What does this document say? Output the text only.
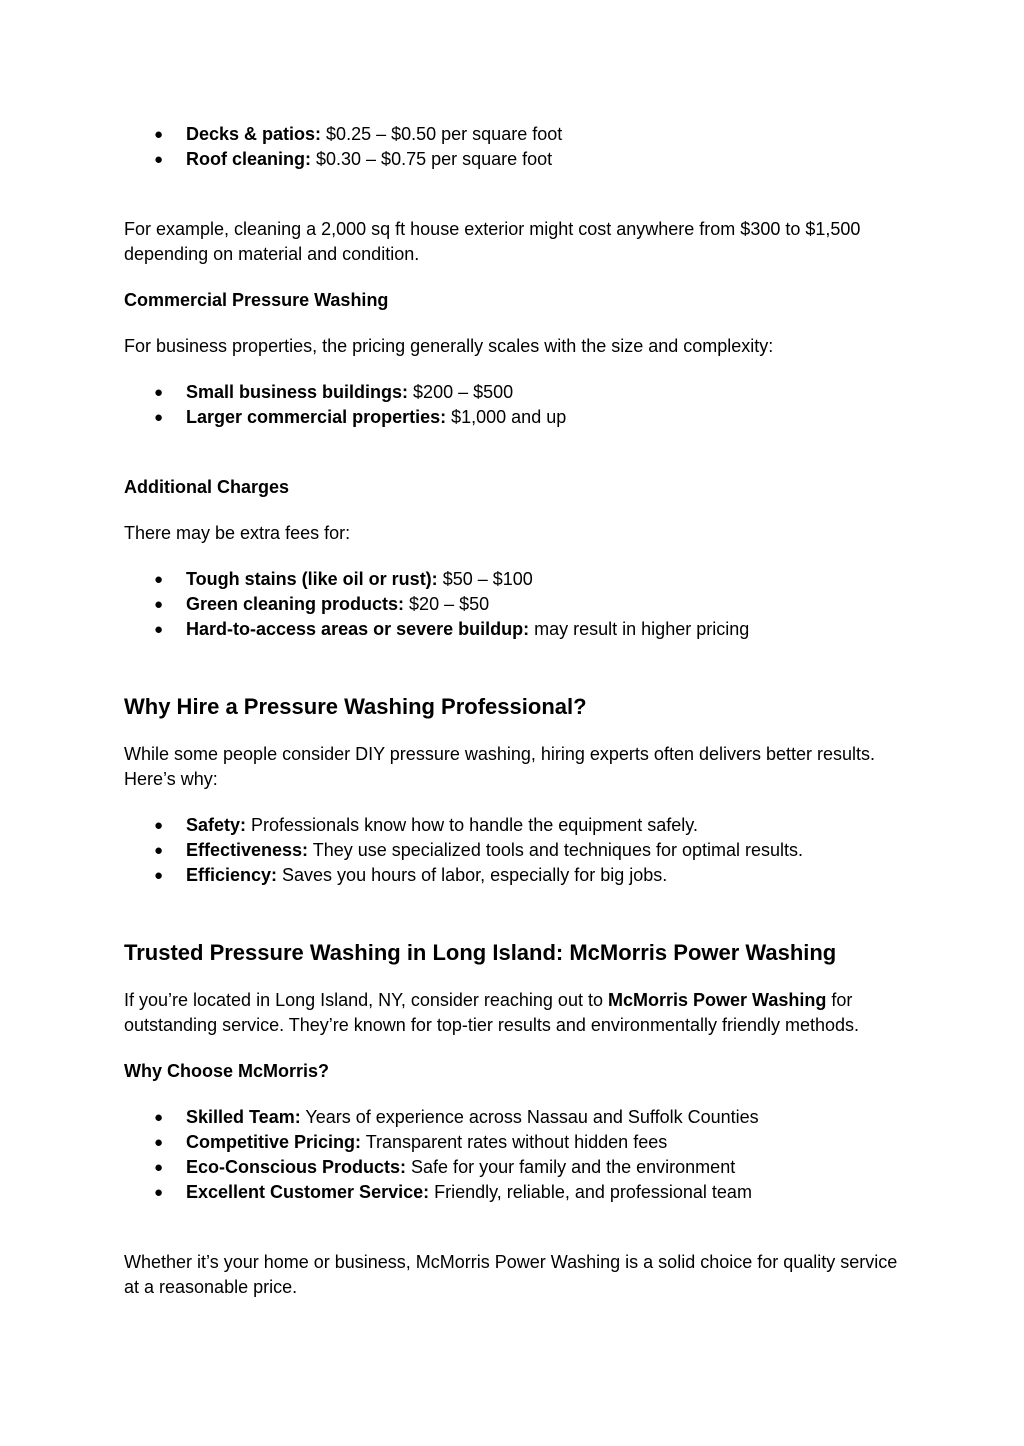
● Decks & patios: $0.25 – $0.50 per square foot
● Roof cleaning: $0.30 – $0.75 per square foot

For example, cleaning a 2,000 sq ft house exterior might cost anywhere from $300 to $1,500 depending on material and condition.

Commercial Pressure Washing

For business properties, the pricing generally scales with the size and complexity:

● Small business buildings: $200 – $500
● Larger commercial properties: $1,000 and up
Additional Charges

There may be extra fees for:

● Tough stains (like oil or rust): $50 – $100
● Green cleaning products: $20 – $50
● Hard-to-access areas or severe buildup: may result in higher pricing
Why Hire a Pressure Washing Professional?

While some people consider DIY pressure washing, hiring experts often delivers better results. Here’s why:

● Safety: Professionals know how to handle the equipment safely.
● Effectiveness: They use specialized tools and techniques for optimal results.
● Efficiency: Saves you hours of labor, especially for big jobs.
Trusted Pressure Washing in Long Island: McMorris Power Washing

If you’re located in Long Island, NY, consider reaching out to McMorris Power Washing for outstanding service. They’re known for top-tier results and environmentally friendly methods.

Why Choose McMorris?
● Skilled Team: Years of experience across Nassau and Suffolk Counties
● Competitive Pricing: Transparent rates without hidden fees
● Eco-Conscious Products: Safe for your family and the environment
● Excellent Customer Service: Friendly, reliable, and professional team

Whether it’s your home or business, McMorris Power Washing is a solid choice for quality service at a reasonable price.
